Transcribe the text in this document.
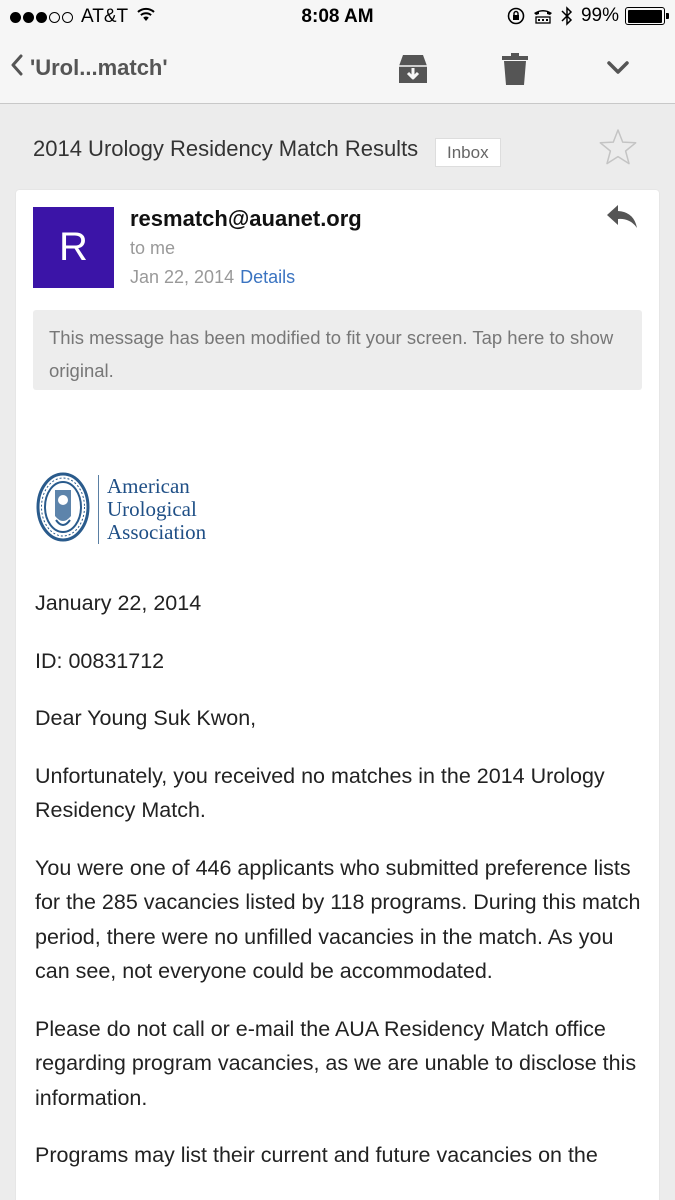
AT&T	8:08 AM	99%
'Urol...match'
2014 Urology Residency Match Results	Inbox
R
resmatch@auanet.org
to me
Jan 22, 2014 Details
This message has been modified to fit your screen. Tap here to show original.
American
Urological
Association

January 22, 2014

ID: 00831712

Dear Young Suk Kwon,

Unfortunately, you received no matches in the 2014 Urology Residency Match.

You were one of 446 applicants who submitted preference lists for the 285 vacancies listed by 118 programs. During this match period, there were no unfilled vacancies in the match. As you can see, not everyone could be accommodated.

Please do not call or e-mail the AUA Residency Match office regarding program vacancies, as we are unable to disclose this information.

Programs may list their current and future vacancies on the
